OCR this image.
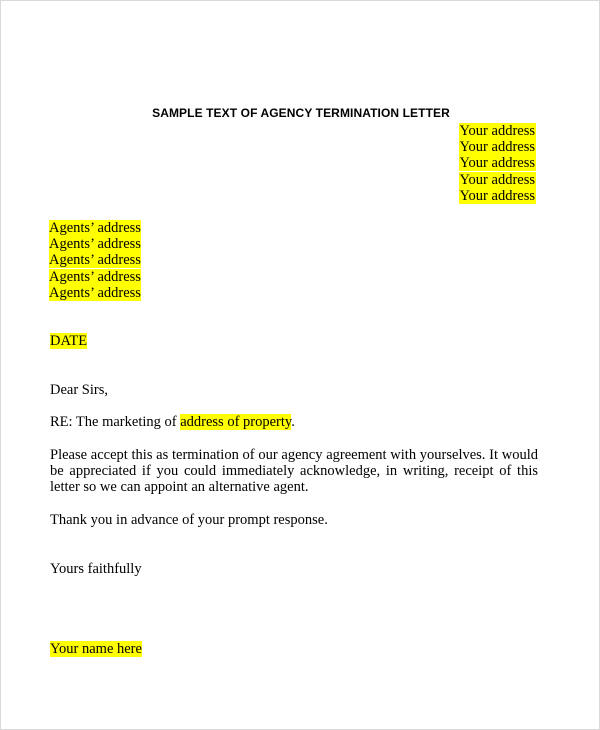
SAMPLE TEXT OF AGENCY TERMINATION LETTER
Your address
Your address
Your address
Your address
Your address
Agents’ address
Agents’ address
Agents’ address
Agents’ address
Agents’ address
DATE
Dear Sirs,
RE: The marketing of address of property.
Please accept this as termination of our agency agreement with yourselves. It would be appreciated if you could immediately acknowledge, in writing, receipt of this letter so we can appoint an alternative agent.
Thank you in advance of your prompt response.
Yours faithfully
Your name here
